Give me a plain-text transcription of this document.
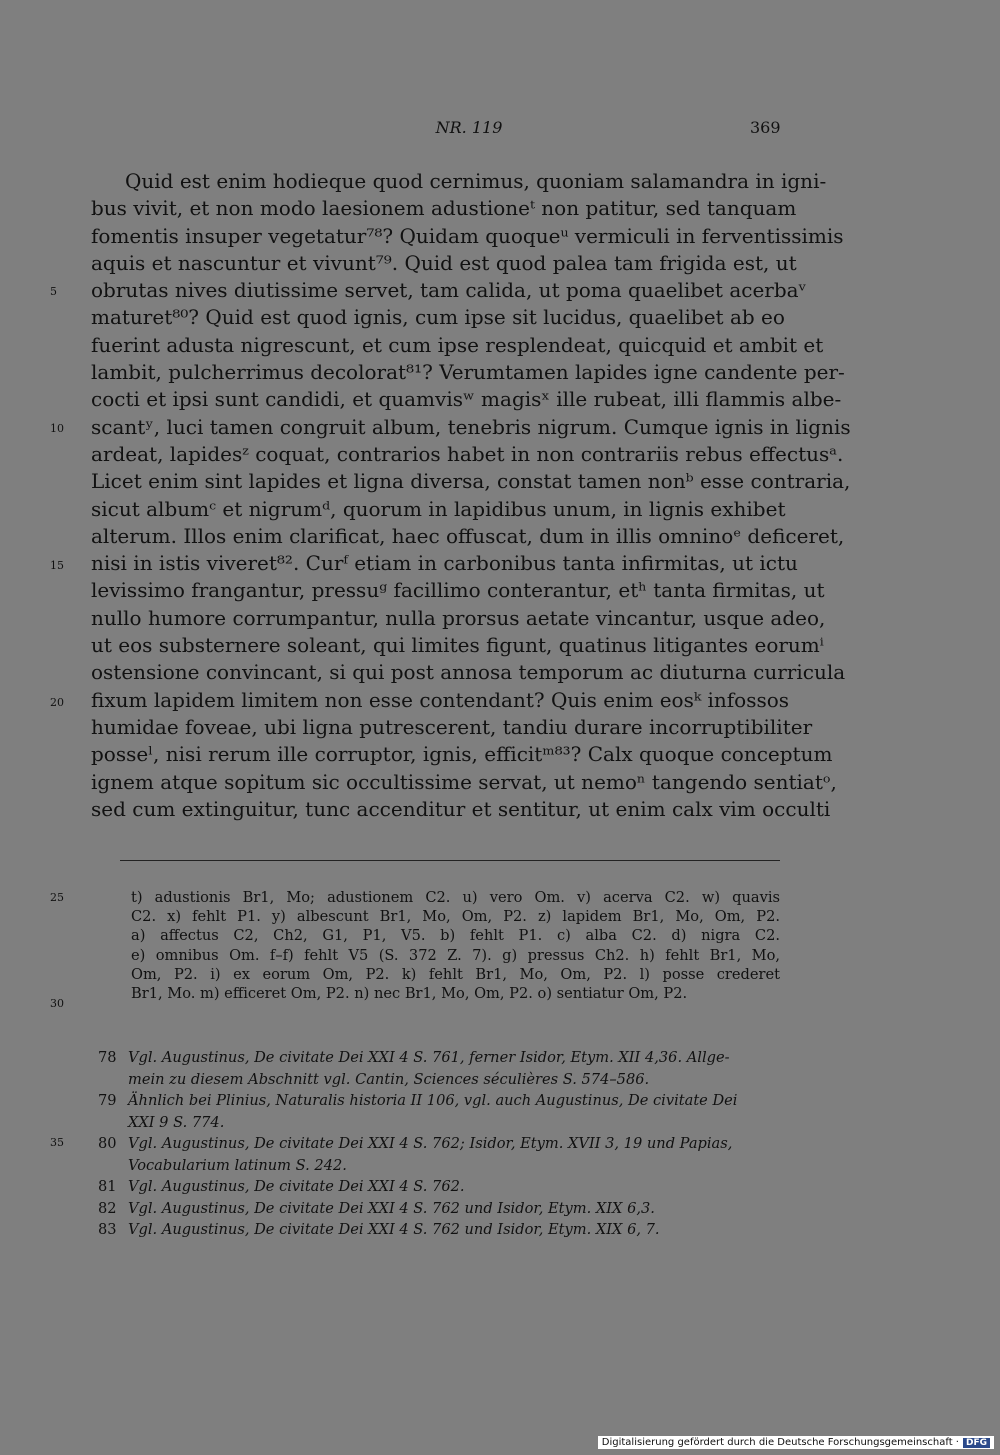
NR. 119	369
Quid est enim hodieque quod cernimus, quoniam salamandra in igni-
bus vivit, et non modo laesionem adustioneᵗ non patitur, sed tanquam
fomentis insuper vegetatur⁷⁸? Quidam quoqueᵘ vermiculi in ferventissimis
aquis et nascuntur et vivunt⁷⁹. Quid est quod palea tam frigida est, ut
obrutas nives diutissime servet, tam calida, ut poma quaelibet acerbaᵛ
maturet⁸⁰? Quid est quod ignis, cum ipse sit lucidus, quaelibet ab eo
fuerint adusta nigrescunt, et cum ipse resplendeat, quicquid et ambit et
lambit, pulcherrimus decolorat⁸¹? Verumtamen lapides igne candente per-
cocti et ipsi sunt candidi, et quamvisʷ magisˣ ille rubeat, illi flammis albe-
scantʸ, luci tamen congruit album, tenebris nigrum. Cumque ignis in lignis
ardeat, lapidesᶻ coquat, contrarios habet in non contrariis rebus effectusᵃ.
Licet enim sint lapides et ligna diversa, constat tamen nonᵇ esse contraria,
sicut albumᶜ et nigrumᵈ, quorum in lapidibus unum, in lignis exhibet
alterum. Illos enim clarificat, haec offuscat, dum in illis omninoᵉ deficeret,
nisi in istis viveret⁸². Curᶠ etiam in carbonibus tanta infirmitas, ut ictu
levissimo frangantur, pressuᵍ facillimo conterantur, etʰ tanta firmitas, ut
nullo humore corrumpantur, nulla prorsus aetate vincantur, usque adeo,
ut eos substernere soleant, qui limites figunt, quatinus litigantes eorumⁱ
ostensione convincant, si qui post annosa temporum ac diuturna curricula
fixum lapidem limitem non esse contendant? Quis enim eosᵏ infossos
humidae foveae, ubi ligna putrescerent, tandiu durare incorruptibiliter
posseˡ, nisi rerum ille corruptor, ignis, efficitᵐ⁸³? Calx quoque conceptum
ignem atque sopitum sic occultissime servat, ut nemoⁿ tangendo sentiatᵒ,
sed cum extinguitur, tunc accenditur et sentitur, ut enim calx vim occulti
5
10
15
20
t) adustionis Br1, Mo; adustionem C2. u) vero Om. v) acerva C2. w) quavis
C2. x) fehlt P1. y) albescunt Br1, Mo, Om, P2. z) lapidem Br1, Mo, Om, P2.
a) affectus C2, Ch2, G1, P1, V5. b) fehlt P1. c) alba C2. d) nigra C2.
e) omnibus Om. f–f) fehlt V5 (S. 372 Z. 7). g) pressus Ch2. h) fehlt Br1, Mo,
Om, P2. i) ex eorum Om, P2. k) fehlt Br1, Mo, Om, P2. l) posse crederet
Br1, Mo. m) efficeret Om, P2. n) nec Br1, Mo, Om, P2. o) sentiatur Om, P2.
25
30
78 Vgl. Augustinus, De civitate Dei XXI 4 S. 761, ferner Isidor, Etym. XII 4,36. Allge-
mein zu diesem Abschnitt vgl. Cantin, Sciences séculières S. 574–586.
79 Ähnlich bei Plinius, Naturalis historia II 106, vgl. auch Augustinus, De civitate Dei
XXI 9 S. 774.
80 Vgl. Augustinus, De civitate Dei XXI 4 S. 762; Isidor, Etym. XVII 3, 19 und Papias,
Vocabularium latinum S. 242.
81 Vgl. Augustinus, De civitate Dei XXI 4 S. 762.
82 Vgl. Augustinus, De civitate Dei XXI 4 S. 762 und Isidor, Etym. XIX 6,3.
83 Vgl. Augustinus, De civitate Dei XXI 4 S. 762 und Isidor, Etym. XIX 6, 7.
35
Digitalisierung gefördert durch die Deutsche Forschungsgemeinschaft · DFG
